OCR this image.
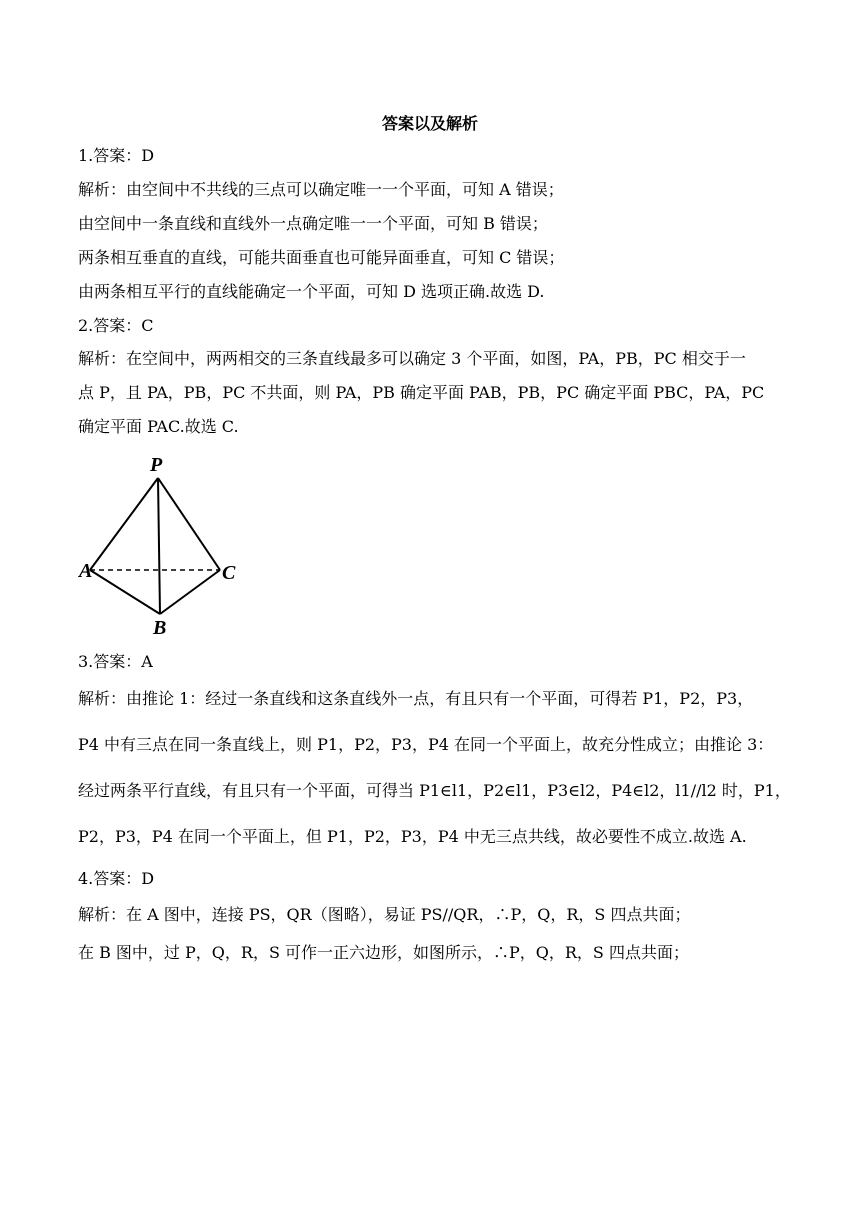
答案以及解析
1.答案：D
解析：由空间中不共线的三点可以确定唯一一个平面，可知 A 错误；
由空间中一条直线和直线外一点确定唯一一个平面，可知 B 错误；
两条相互垂直的直线，可能共面垂直也可能异面垂直，可知 C 错误；
由两条相互平行的直线能确定一个平面，可知 D 选项正确.故选 D.
2.答案：C
解析：在空间中，两两相交的三条直线最多可以确定 3 个平面，如图，PA，PB，PC 相交于一
点 P，且 PA，PB，PC 不共面，则 PA，PB 确定平面 PAB，PB，PC 确定平面 PBC，PA，PC
确定平面 PAC.故选 C.
P
A	C
B
3.答案：A
解析：由推论 1：经过一条直线和这条直线外一点，有且只有一个平面，可得若 P1，P2，P3，
P4 中有三点在同一条直线上，则 P1，P2，P3，P4 在同一个平面上，故充分性成立；由推论 3：
经过两条平行直线，有且只有一个平面，可得当 P1∈l1，P2∈l1，P3∈l2，P4∈l2，l1//l2 时，P1，
P2，P3，P4 在同一个平面上，但 P1，P2，P3，P4 中无三点共线，故必要性不成立.故选 A.
4.答案：D
解析：在 A 图中，连接 PS，QR（图略），易证 PS//QR，∴P，Q，R，S 四点共面；
在 B 图中，过 P，Q，R，S 可作一正六边形，如图所示，∴P，Q，R，S 四点共面；
